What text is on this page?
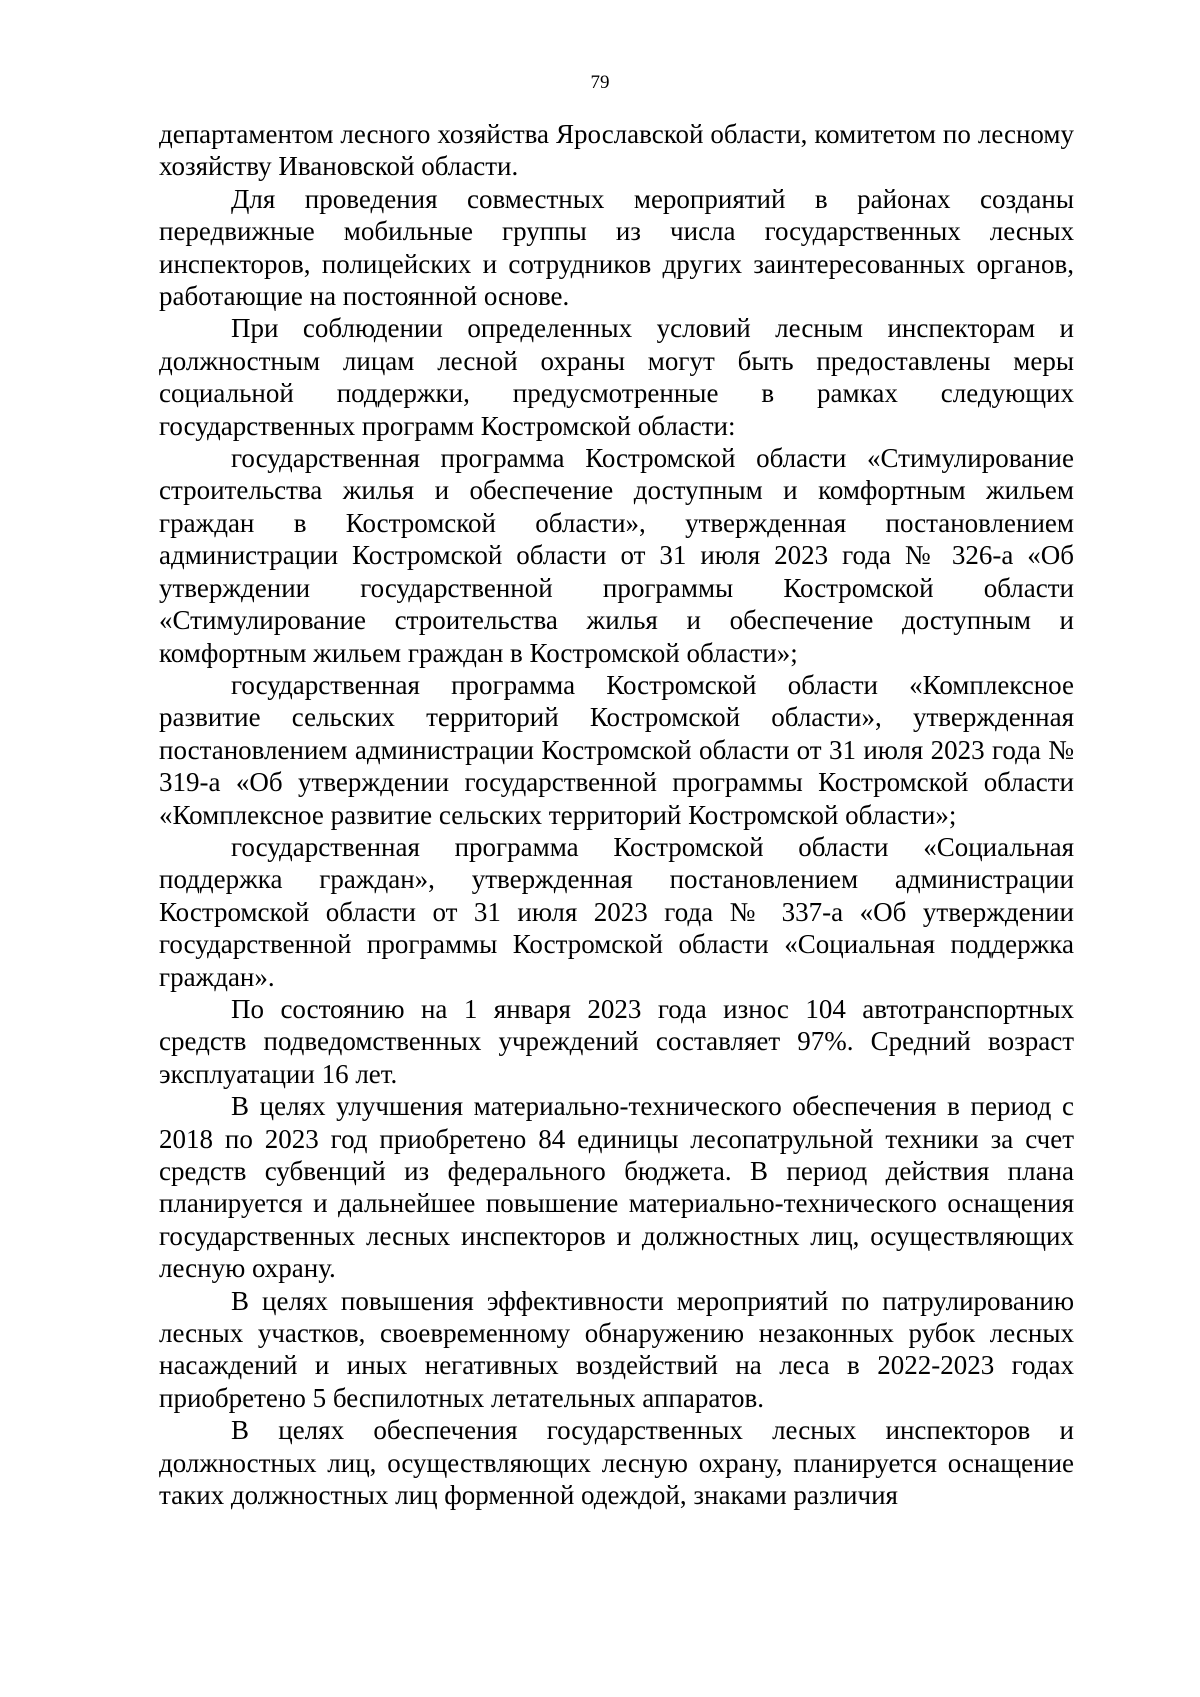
79

департаментом лесного хозяйства Ярославской области, комитетом по лесному хозяйству Ивановской области.

Для проведения совместных мероприятий в районах созданы передвижные мобильные группы из числа государственных лесных инспекторов, полицейских и сотрудников других заинтересованных органов, работающие на постоянной основе.

При соблюдении определенных условий лесным инспекторам и должностным лицам лесной охраны могут быть предоставлены меры социальной поддержки, предусмотренные в рамках следующих государственных программ Костромской области:

государственная программа Костромской области «Стимулирование строительства жилья и обеспечение доступным и комфортным жильем граждан в Костромской области», утвержденная постановлением администрации Костромской области от 31 июля 2023 года № 326-а «Об утверждении государственной программы Костромской области «Стимулирование строительства жилья и обеспечение доступным и комфортным жильем граждан в Костромской области»;

государственная программа Костромской области «Комплексное развитие сельских территорий Костромской области», утвержденная постановлением администрации Костромской области от 31 июля 2023 года № 319-а «Об утверждении государственной программы Костромской области «Комплексное развитие сельских территорий Костромской области»;

государственная программа Костромской области «Социальная поддержка граждан», утвержденная постановлением администрации Костромской области от 31 июля 2023 года № 337-а «Об утверждении государственной программы Костромской области «Социальная поддержка граждан».

По состоянию на 1 января 2023 года износ 104 автотранспортных средств подведомственных учреждений составляет 97%. Средний возраст эксплуатации 16 лет.

В целях улучшения материально-технического обеспечения в период с 2018 по 2023 год приобретено 84 единицы лесопатрульной техники за счет средств субвенций из федерального бюджета. В период действия плана планируется и дальнейшее повышение материально-технического оснащения государственных лесных инспекторов и должностных лиц, осуществляющих лесную охрану.

В целях повышения эффективности мероприятий по патрулированию лесных участков, своевременному обнаружению незаконных рубок лесных насаждений и иных негативных воздействий на леса в 2022-2023 годах приобретено 5 беспилотных летательных аппаратов.

В целях обеспечения государственных лесных инспекторов и должностных лиц, осуществляющих лесную охрану, планируется оснащение таких должностных лиц форменной одеждой, знаками различия
